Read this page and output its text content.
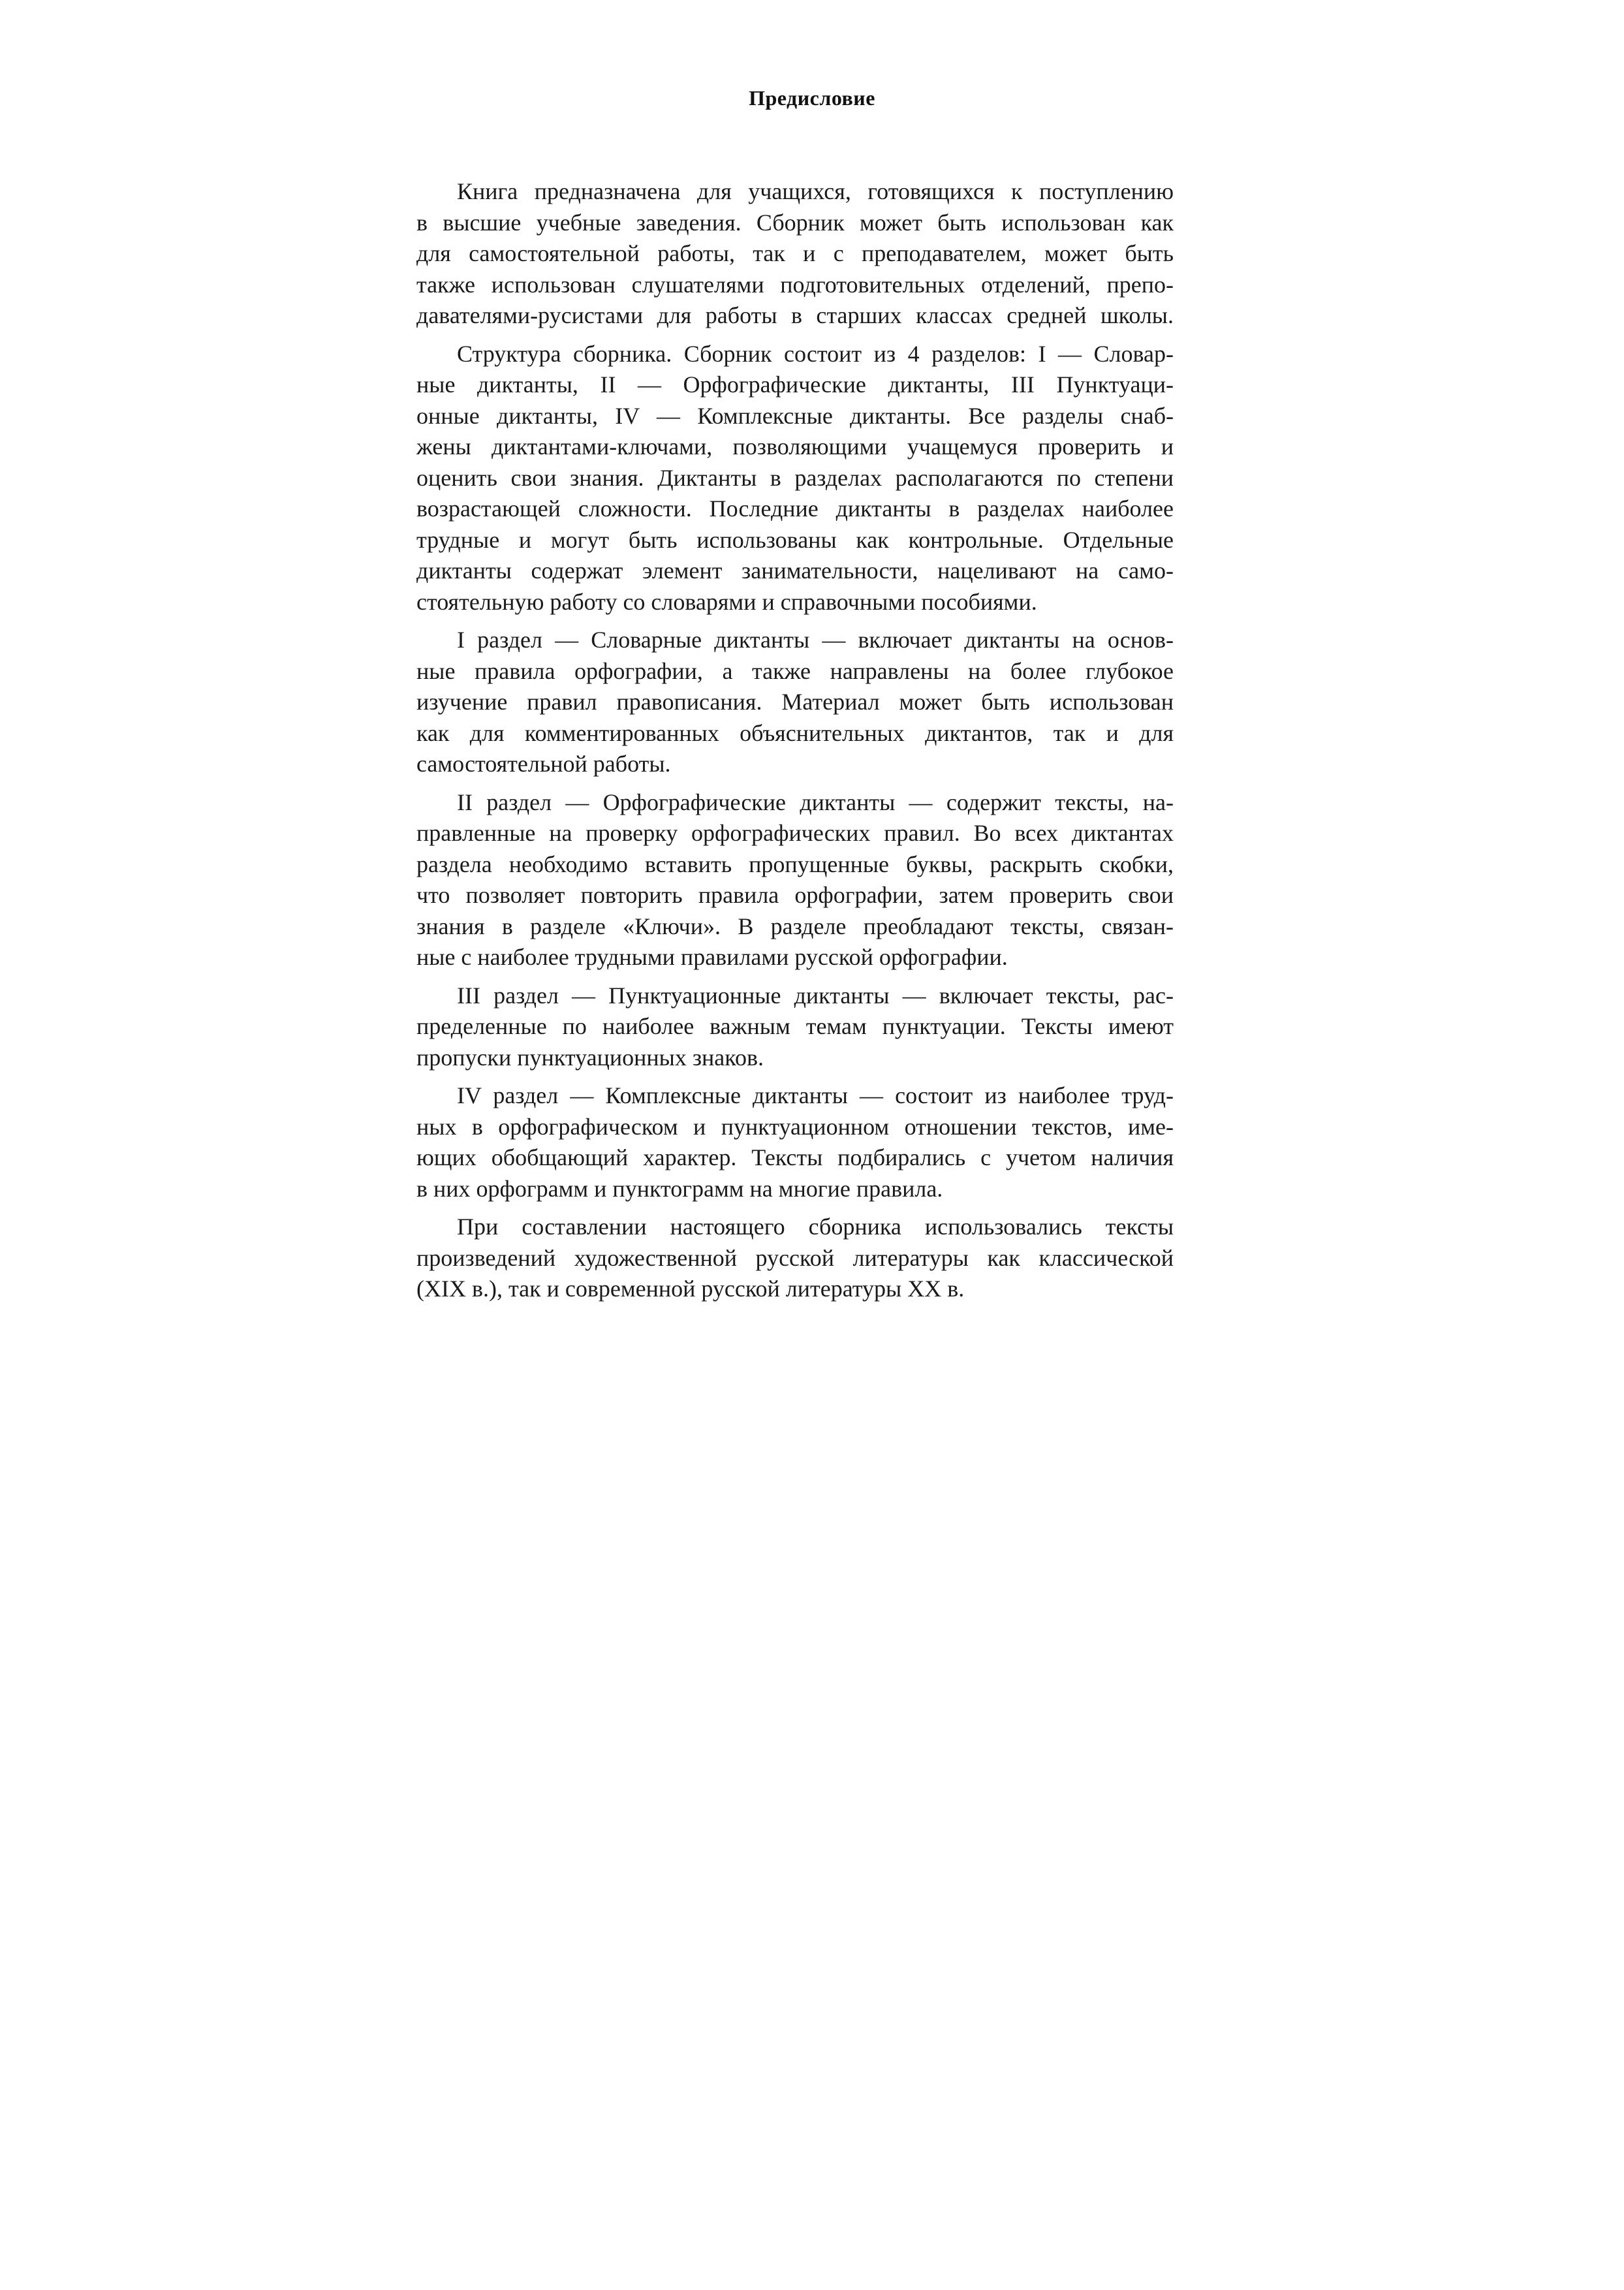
Предисловие
Книга предназначена для учащихся, готовящихся к поступлению
в высшие учебные заведения. Сборник может быть использован как
для самостоятельной работы, так и с преподавателем, может быть
также использован слушателями подготовительных отделений, препо-
давателями-русистами для работы в старших классах средней школы.
Структура сборника. Сборник состоит из 4 разделов: I — Словар-
ные диктанты, II — Орфографические диктанты, III Пунктуаци-
онные диктанты, IV — Комплексные диктанты. Все разделы снаб-
жены диктантами-ключами, позволяющими учащемуся проверить и
оценить свои знания. Диктанты в разделах располагаются по степени
возрастающей сложности. Последние диктанты в разделах наиболее
трудные и могут быть использованы как контрольные. Отдельные
диктанты содержат элемент занимательности, нацеливают на само-
стоятельную работу со словарями и справочными пособиями.
I раздел — Словарные диктанты — включает диктанты на основ-
ные правила орфографии, а также направлены на более глубокое
изучение правил правописания. Материал может быть использован
как для комментированных объяснительных диктантов, так и для
самостоятельной работы.
II раздел — Орфографические диктанты — содержит тексты, на-
правленные на проверку орфографических правил. Во всех диктантах
раздела необходимо вставить пропущенные буквы, раскрыть скобки,
что позволяет повторить правила орфографии, затем проверить свои
знания в разделе «Ключи». В разделе преобладают тексты, связан-
ные с наиболее трудными правилами русской орфографии.
III раздел — Пунктуационные диктанты — включает тексты, рас-
пределенные по наиболее важным темам пунктуации. Тексты имеют
пропуски пунктуационных знаков.
IV раздел — Комплексные диктанты — состоит из наиболее труд-
ных в орфографическом и пунктуационном отношении текстов, име-
ющих обобщающий характер. Тексты подбирались с учетом наличия
в них орфограмм и пунктограмм на многие правила.
При составлении настоящего сборника использовались тексты
произведений художественной русской литературы как классической
(XIX в.), так и современной русской литературы XX в.
